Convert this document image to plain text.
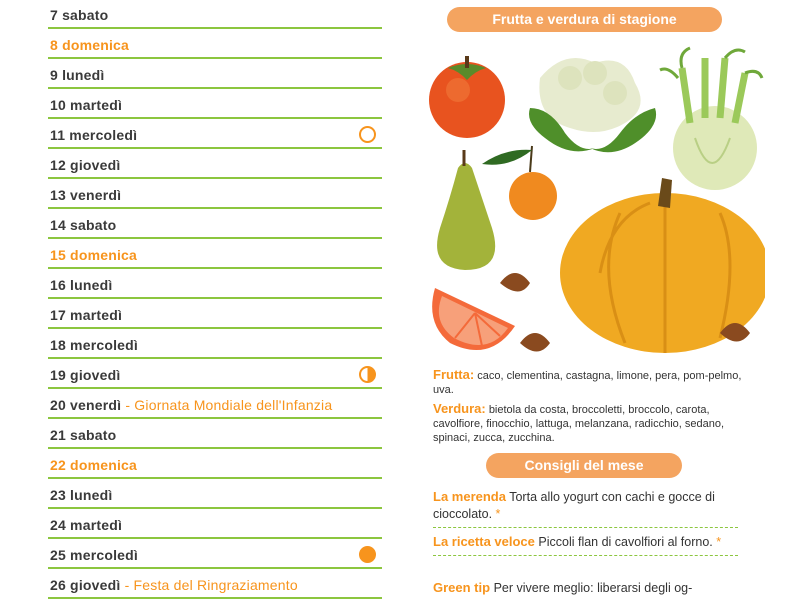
7 sabato
8 domenica
9 lunedì
10 martedì
11 mercoledì
12 giovedì
13 venerdì
14 sabato
15 domenica
16 lunedì
17 martedì
18 mercoledì
19 giovedì
20 venerdì - Giornata Mondiale dell'Infanzia
21 sabato
22 domenica
23 lunedì
24 martedì
25 mercoledì
26 giovedì - Festa del Ringraziamento
Frutta e verdura di stagione
Frutta: caco, clementina, castagna, limone, pera, pom-pelmo, uva.
Verdura: bietola da costa, broccoletti, broccolo, carota, cavolfiore, finocchio, lattuga, melanzana, radicchio, sedano, spinaci, zucca, zucchina.
Consigli del mese
La merenda Torta allo yogurt con cachi e gocce di cioccolato. *
La ricetta veloce Piccoli flan di cavolfiori al forno. *
Green tip Per vivere meglio: liberarsi degli og-
